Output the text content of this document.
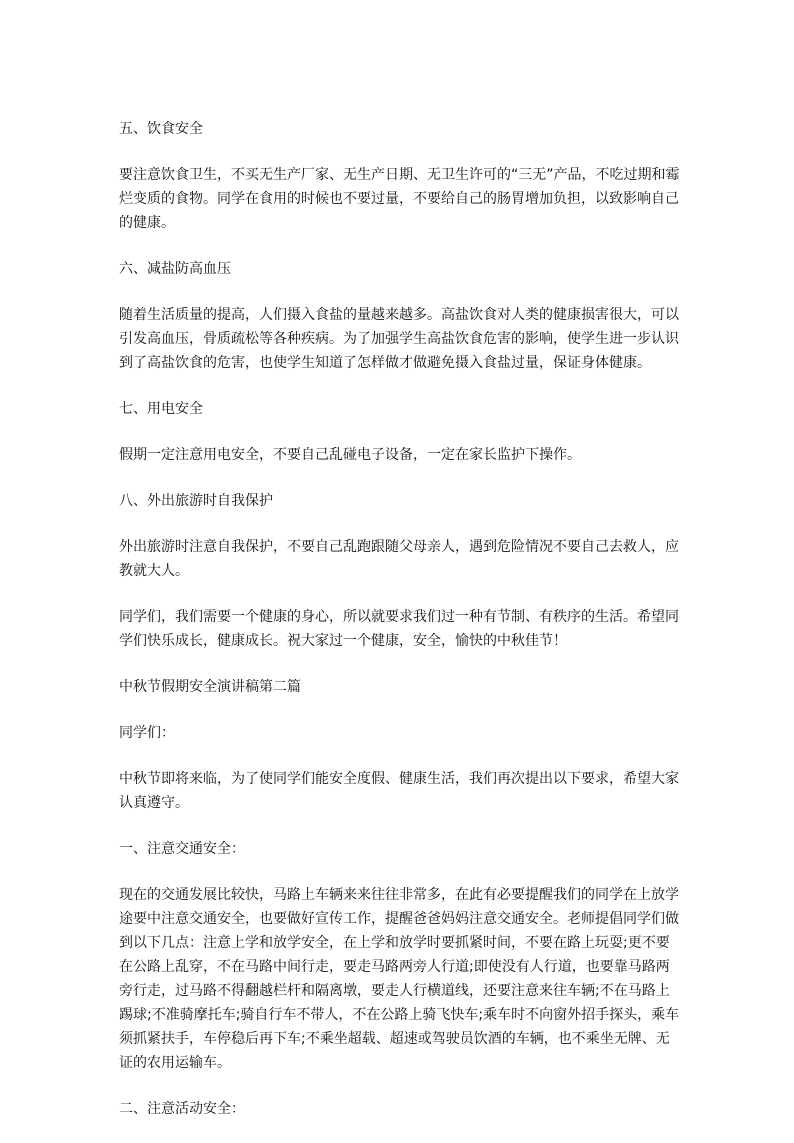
五、饮食安全

要注意饮食卫生，不买无生产厂家、无生产日期、无卫生许可的“三无”产品，不吃过期和霉烂变质的食物。同学在食用的时候也不要过量，不要给自己的肠胃增加负担，以致影响自己的健康。

六、减盐防高血压

随着生活质量的提高，人们摄入食盐的量越来越多。高盐饮食对人类的健康损害很大，可以引发高血压，骨质疏松等各种疾病。为了加强学生高盐饮食危害的影响，使学生进一步认识到了高盐饮食的危害，也使学生知道了怎样做才做避免摄入食盐过量，保证身体健康。

七、用电安全

假期一定注意用电安全，不要自己乱碰电子设备，一定在家长监护下操作。

八、外出旅游时自我保护

外出旅游时注意自我保护，不要自己乱跑跟随父母亲人，遇到危险情况不要自己去救人，应教就大人。

同学们，我们需要一个健康的身心，所以就要求我们过一种有节制、有秩序的生活。希望同学们快乐成长，健康成长。祝大家过一个健康，安全，愉快的中秋佳节！

中秋节假期安全演讲稿第二篇

同学们：

中秋节即将来临，为了使同学们能安全度假、健康生活，我们再次提出以下要求，希望大家认真遵守。

一、注意交通安全：

现在的交通发展比较快，马路上车辆来来往往非常多，在此有必要提醒我们的同学在上放学途要中注意交通安全，也要做好宣传工作，提醒爸爸妈妈注意交通安全。老师提倡同学们做到以下几点：注意上学和放学安全，在上学和放学时要抓紧时间，不要在路上玩耍;更不要在公路上乱穿，不在马路中间行走，要走马路两旁人行道;即使没有人行道，也要靠马路两旁行走，过马路不得翻越栏杆和隔离墩，要走人行横道线，还要注意来往车辆;不在马路上踢球;不准骑摩托车;骑自行车不带人，不在公路上骑飞快车;乘车时不向窗外招手探头，乘车须抓紧扶手，车停稳后再下车;不乘坐超载、超速或驾驶员饮酒的车辆，也不乘坐无牌、无证的农用运输车。

二、注意活动安全：
